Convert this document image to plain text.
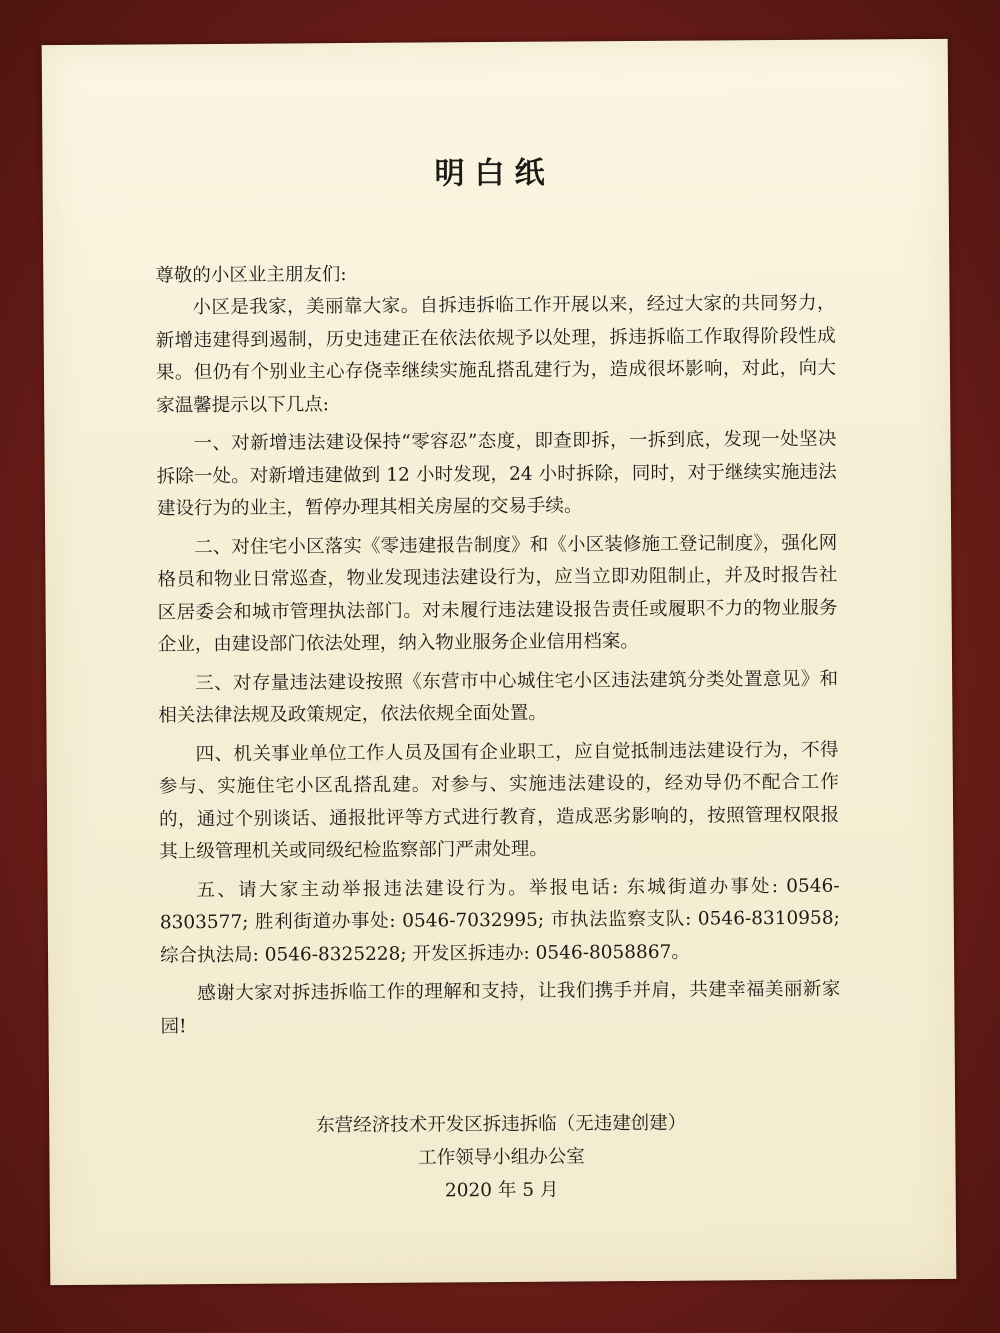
明白纸

尊敬的小区业主朋友们:

小区是我家，美丽靠大家。自拆违拆临工作开展以来，经过大家的共同努力，新增违建得到遏制，历史违建正在依法依规予以处理，拆违拆临工作取得阶段性成果。但仍有个别业主心存侥幸继续实施乱搭乱建行为，造成很坏影响，对此，向大家温馨提示以下几点:

一、对新增违法建设保持“零容忍”态度，即查即拆，一拆到底，发现一处坚决拆除一处。对新增违建做到 12 小时发现，24 小时拆除，同时，对于继续实施违法建设行为的业主，暂停办理其相关房屋的交易手续。

二、对住宅小区落实《零违建报告制度》和《小区装修施工登记制度》，强化网格员和物业日常巡查，物业发现违法建设行为，应当立即劝阻制止，并及时报告社区居委会和城市管理执法部门。对未履行违法建设报告责任或履职不力的物业服务企业，由建设部门依法处理，纳入物业服务企业信用档案。

三、对存量违法建设按照《东营市中心城住宅小区违法建筑分类处置意见》和相关法律法规及政策规定，依法依规全面处置。

四、机关事业单位工作人员及国有企业职工，应自觉抵制违法建设行为，不得参与、实施住宅小区乱搭乱建。对参与、实施违法建设的，经劝导仍不配合工作的，通过个别谈话、通报批评等方式进行教育，造成恶劣影响的，按照管理权限报其上级管理机关或同级纪检监察部门严肃处理。

五、请大家主动举报违法建设行为。举报电话: 东城街道办事处: 0546-8303577; 胜利街道办事处: 0546-7032995; 市执法监察支队: 0546-8310958; 综合执法局: 0546-8325228; 开发区拆违办: 0546-8058867。

感谢大家对拆违拆临工作的理解和支持，让我们携手并肩，共建幸福美丽新家园!

东营经济技术开发区拆违拆临（无违建创建）
工作领导小组办公室
2020 年 5 月
